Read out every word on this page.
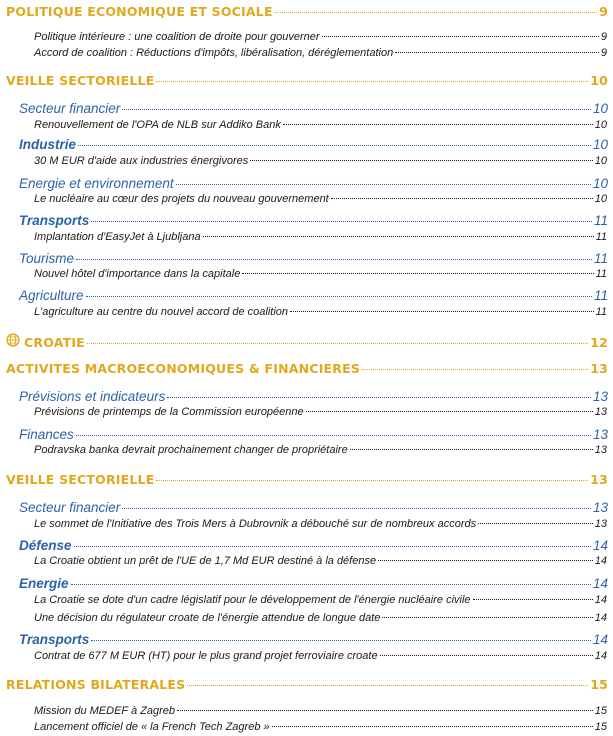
POLITIQUE ECONOMIQUE ET SOCIALE	9
Politique intérieure : une coalition de droite pour gouverner	9
Accord de coalition : Réductions d'impôts, libéralisation, déréglementation	9
VEILLE SECTORIELLE	10
Secteur financier	10
Renouvellement de l'OPA de NLB sur Addiko Bank	10
Industrie	10
30 M EUR d'aide aux industries énergivores	10
Energie et environnement	10
Le nucléaire au cœur des projets du nouveau gouvernement	10
Transports	11
Implantation d'EasyJet à Ljubljana	11
Tourisme	11
Nouvel hôtel d'importance dans la capitale	11
Agriculture	11
L'agriculture au centre du nouvel accord de coalition	11
CROATIE	12
ACTIVITES MACROECONOMIQUES & FINANCIERES	13
Prévisions et indicateurs	13
Prévisions de printemps de la Commission européenne	13
Finances	13
Podravska banka devrait prochainement changer de propriétaire	13
VEILLE SECTORIELLE	13
Secteur financier	13
Le sommet de l'Initiative des Trois Mers à Dubrovnik a débouché sur de nombreux accords	13
Défense	14
La Croatie obtient un prêt de l'UE de 1,7 Md EUR destiné à la défense	14
Energie	14
La Croatie se dote d'un cadre législatif pour le développement de l'énergie nucléaire civile	14
Une décision du régulateur croate de l'énergie attendue de longue date	14
Transports	14
Contrat de 677 M EUR (HT) pour le plus grand projet ferroviaire croate	14
RELATIONS BILATERALES	15
Mission du MEDEF à Zagreb	15
Lancement officiel de « la French Tech Zagreb »	15
